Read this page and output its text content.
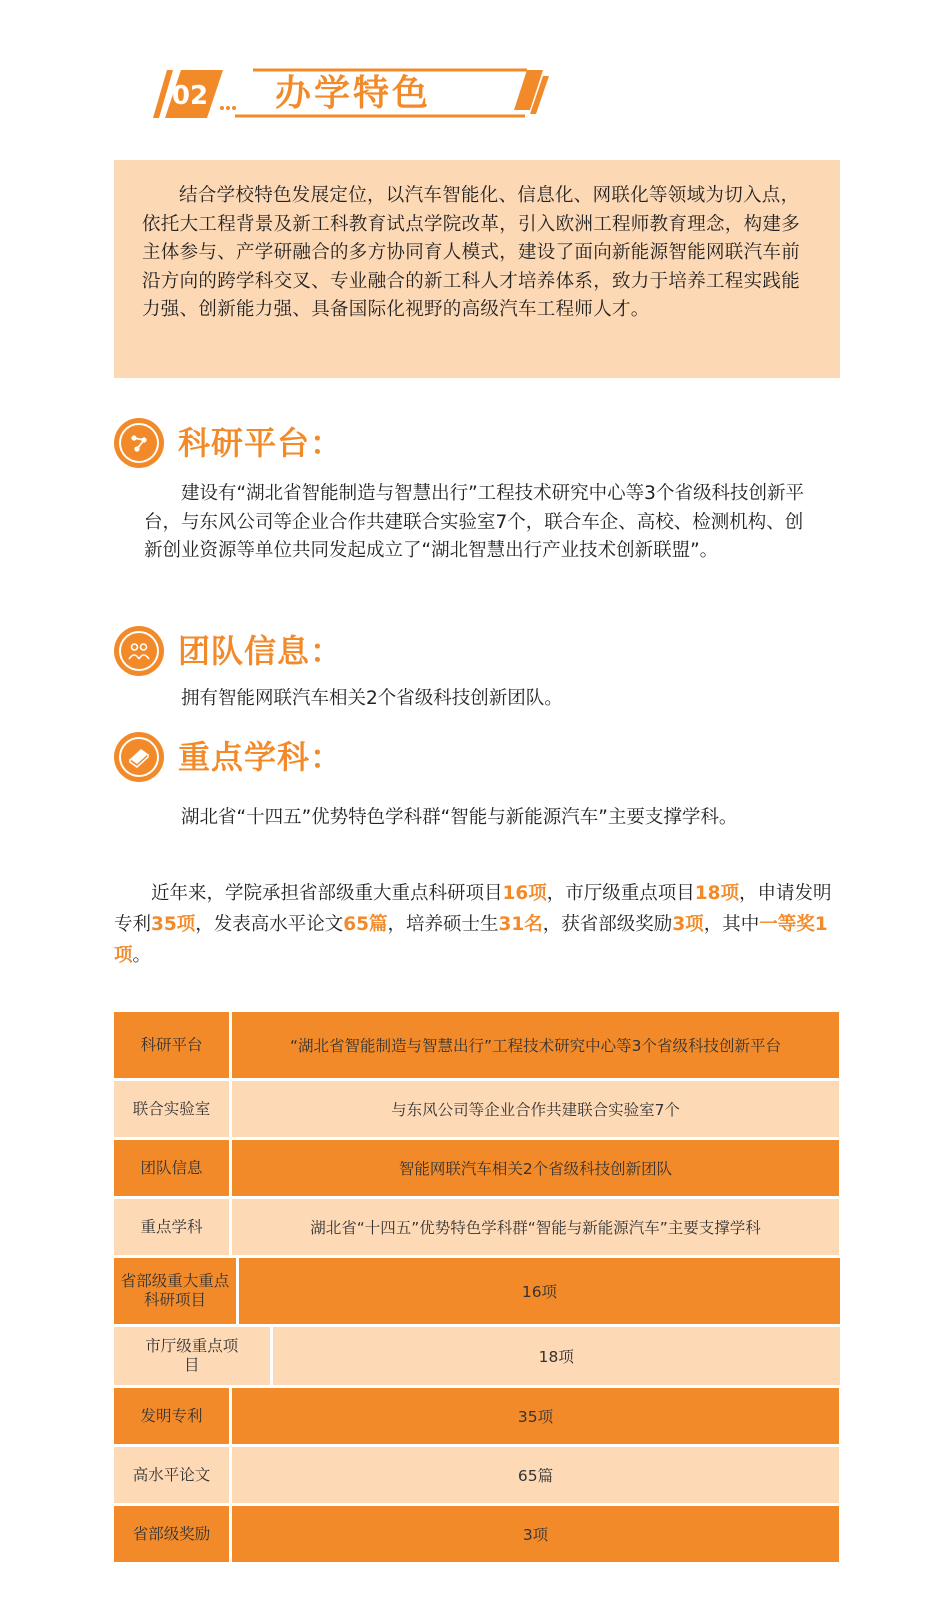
02 办学特色

结合学校特色发展定位，以汽车智能化、信息化、网联化等领域为切入点，依托大工程背景及新工科教育试点学院改革，引入欧洲工程师教育理念，构建多主体参与、产学研融合的多方协同育人模式，建设了面向新能源智能网联汽车前沿方向的跨学科交叉、专业融合的新工科人才培养体系，致力于培养工程实践能力强、创新能力强、具备国际化视野的高级汽车工程师人才。

科研平台：

建设有“湖北省智能制造与智慧出行”工程技术研究中心等3个省级科技创新平台，与东风公司等企业合作共建联合实验室7个，联合车企、高校、检测机构、创新创业资源等单位共同发起成立了“湖北智慧出行产业技术创新联盟”。

团队信息：

拥有智能网联汽车相关2个省级科技创新团队。

重点学科：

湖北省“十四五”优势特色学科群“智能与新能源汽车”主要支撑学科。

近年来，学院承担省部级重大重点科研项目16项，市厅级重点项目18项，申请发明专利35项，发表高水平论文65篇，培养硕士生31名，获省部级奖励3项，其中一等奖1项。

科研平台	“湖北省智能制造与智慧出行”工程技术研究中心等3个省级科技创新平台
联合实验室	与东风公司等企业合作共建联合实验室7个
团队信息	智能网联汽车相关2个省级科技创新团队
重点学科	湖北省“十四五”优势特色学科群“智能与新能源汽车”主要支撑学科
省部级重大重点科研项目	16项
市厅级重点项目	18项
发明专利	35项
高水平论文	65篇
省部级奖励	3项
